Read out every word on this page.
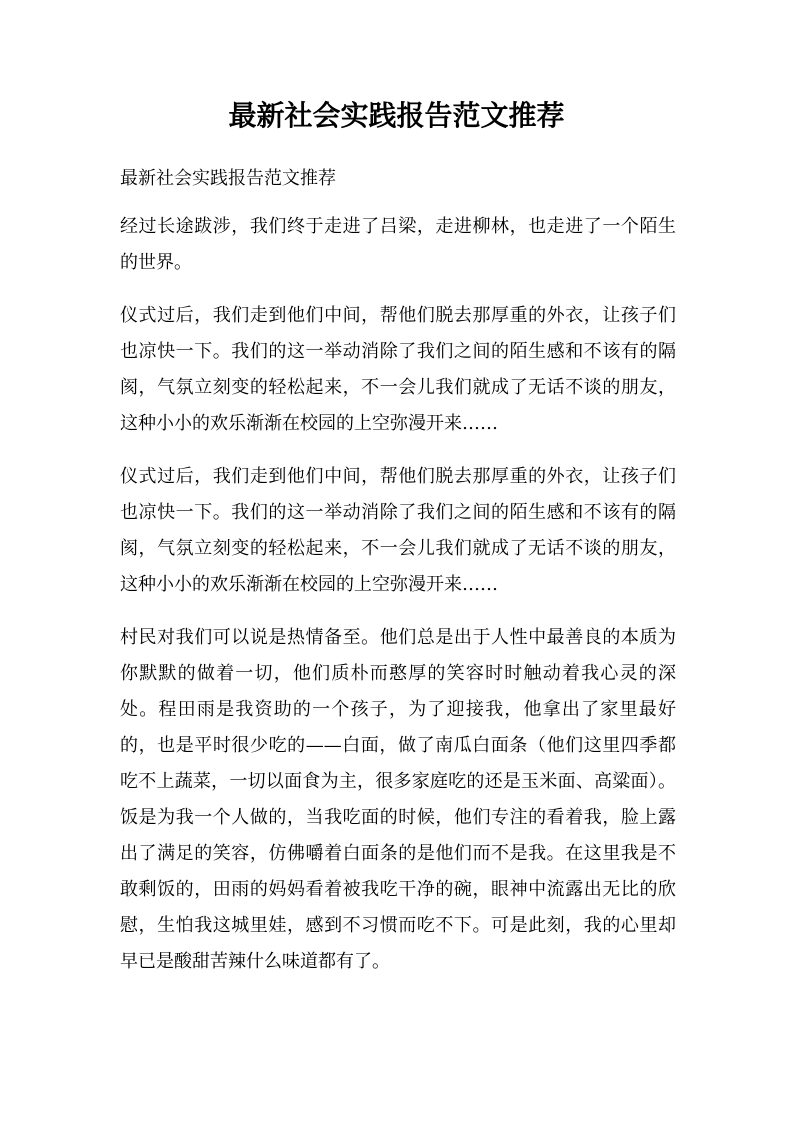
最新社会实践报告范文推荐

最新社会实践报告范文推荐

经过长途跋涉，我们终于走进了吕梁，走进柳林，也走进了一个陌生的世界。

仪式过后，我们走到他们中间，帮他们脱去那厚重的外衣，让孩子们也凉快一下。我们的这一举动消除了我们之间的陌生感和不该有的隔阂，气氛立刻变的轻松起来，不一会儿我们就成了无话不谈的朋友，这种小小的欢乐渐渐在校园的上空弥漫开来……

仪式过后，我们走到他们中间，帮他们脱去那厚重的外衣，让孩子们也凉快一下。我们的这一举动消除了我们之间的陌生感和不该有的隔阂，气氛立刻变的轻松起来，不一会儿我们就成了无话不谈的朋友，这种小小的欢乐渐渐在校园的上空弥漫开来……

村民对我们可以说是热情备至。他们总是出于人性中最善良的本质为你默默的做着一切，他们质朴而憨厚的笑容时时触动着我心灵的深处。程田雨是我资助的一个孩子，为了迎接我，他拿出了家里最好的，也是平时很少吃的——白面，做了南瓜白面条（他们这里四季都吃不上蔬菜，一切以面食为主，很多家庭吃的还是玉米面、高粱面）。饭是为我一个人做的，当我吃面的时候，他们专注的看着我，脸上露出了满足的笑容，仿佛嚼着白面条的是他们而不是我。在这里我是不敢剩饭的，田雨的妈妈看着被我吃干净的碗，眼神中流露出无比的欣慰，生怕我这城里娃，感到不习惯而吃不下。可是此刻，我的心里却早已是酸甜苦辣什么味道都有了。
